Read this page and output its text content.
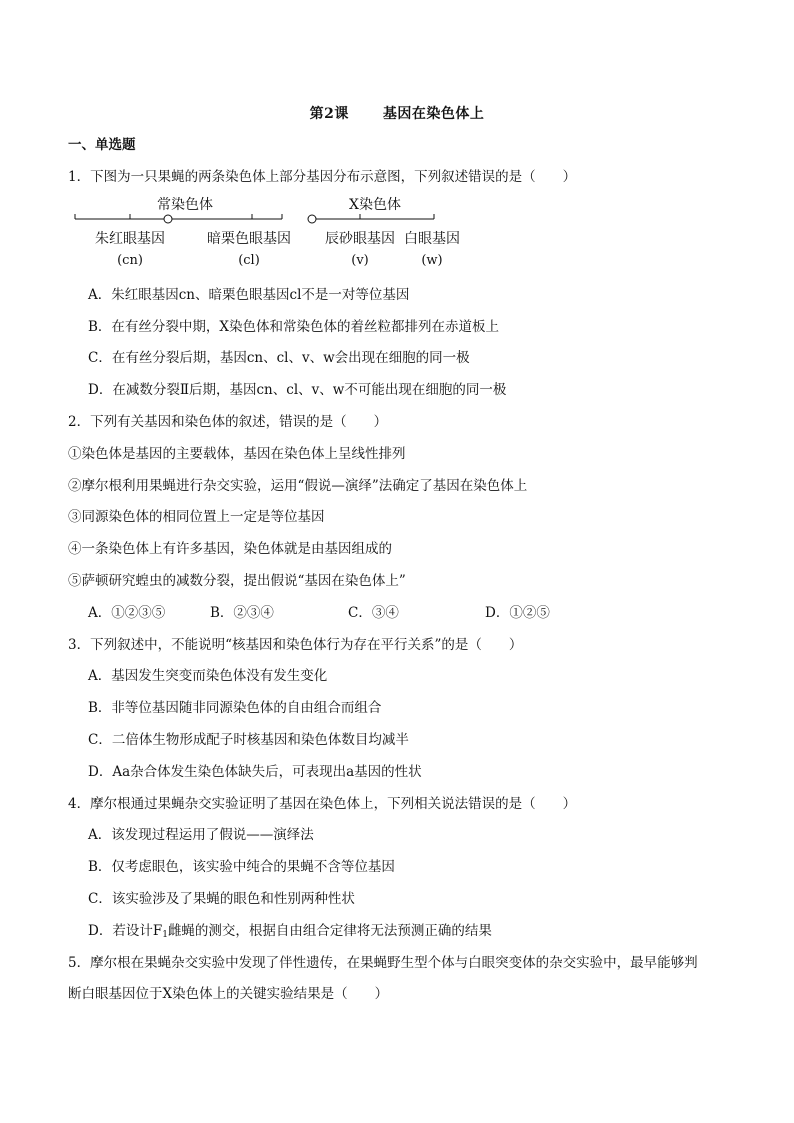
第2课 基因在染色体上
一、单选题
1．下图为一只果蝇的两条染色体上部分基因分布示意图，下列叙述错误的是（　　）
常染色体	X染色体
朱红眼基因
(cn)
暗栗色眼基因
(cl)
辰砂眼基因
(v)
白眼基因
(w)
A．朱红眼基因cn、暗栗色眼基因cl不是一对等位基因
B．在有丝分裂中期，X染色体和常染色体的着丝粒都排列在赤道板上
C．在有丝分裂后期，基因cn、cl、v、w会出现在细胞的同一极
D．在减数分裂Ⅱ后期，基因cn、cl、v、w不可能出现在细胞的同一极
2．下列有关基因和染色体的叙述，错误的是（　　）
①染色体是基因的主要载体，基因在染色体上呈线性排列
②摩尔根利用果蝇进行杂交实验，运用“假说—演绎”法确定了基因在染色体上
③同源染色体的相同位置上一定是等位基因
④一条染色体上有许多基因，染色体就是由基因组成的
⑤萨顿研究蝗虫的减数分裂，提出假说“基因在染色体上”
A．①②③⑤	B．②③④	C．③④	D．①②⑤
3．下列叙述中，不能说明“核基因和染色体行为存在平行关系”的是（　　）
A．基因发生突变而染色体没有发生变化
B．非等位基因随非同源染色体的自由组合而组合
C．二倍体生物形成配子时核基因和染色体数目均减半
D．Aa杂合体发生染色体缺失后，可表现出a基因的性状
4．摩尔根通过果蝇杂交实验证明了基因在染色体上，下列相关说法错误的是（　　）
A．该发现过程运用了假说——演绎法
B．仅考虑眼色，该实验中纯合的果蝇不含等位基因
C．该实验涉及了果蝇的眼色和性别两种性状
D．若设计$F_1$雌蝇的测交，根据自由组合定律将无法预测正确的结果
5．摩尔根在果蝇杂交实验中发现了伴性遗传，在果蝇野生型个体与白眼突变体的杂交实验中，最早能够判
断白眼基因位于X染色体上的关键实验结果是（　　）
